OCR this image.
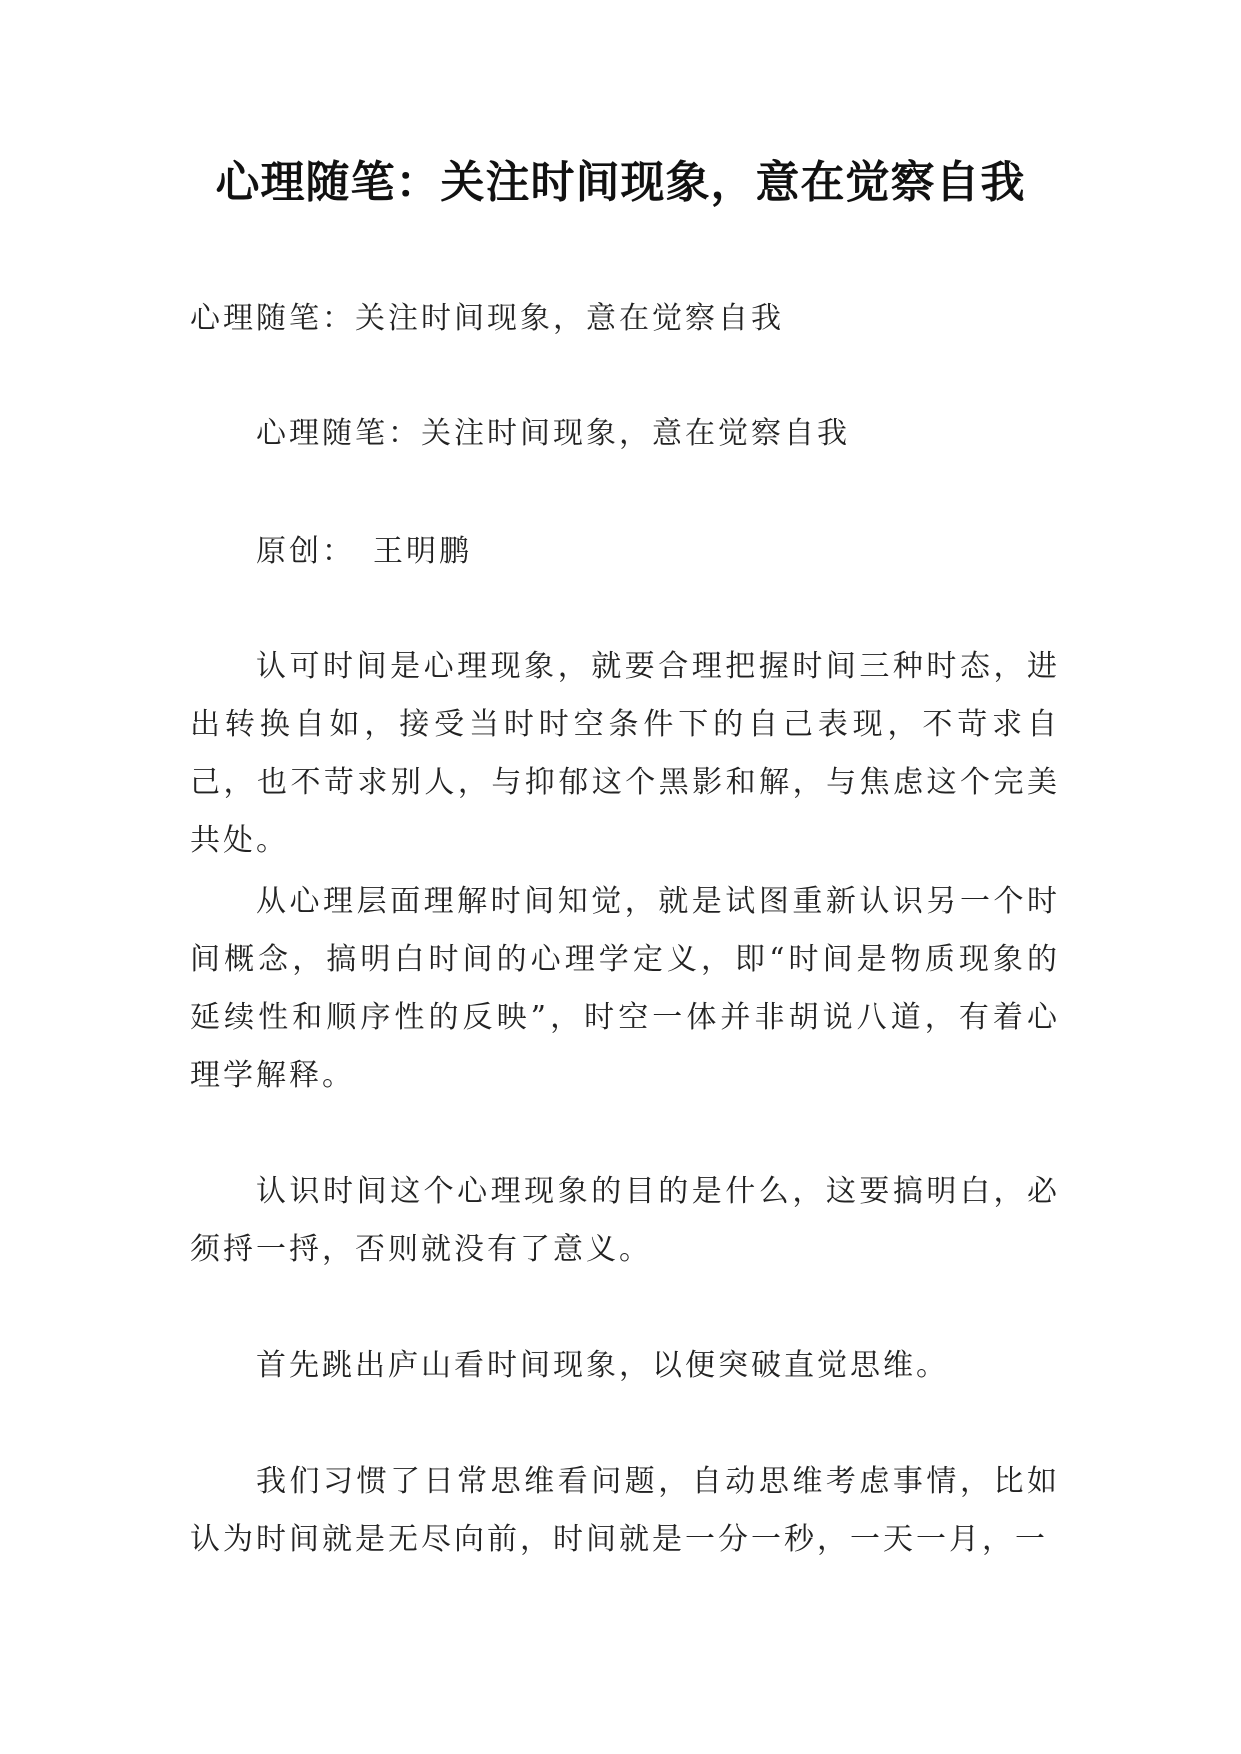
心理随笔：关注时间现象，意在觉察自我
心理随笔：关注时间现象，意在觉察自我
心理随笔：关注时间现象，意在觉察自我
原创：　王明鹏
认可时间是心理现象，就要合理把握时间三种时态，进出转换自如，接受当时时空条件下的自己表现，不苛求自己，也不苛求别人，与抑郁这个黑影和解，与焦虑这个完美共处。
从心理层面理解时间知觉，就是试图重新认识另一个时间概念，搞明白时间的心理学定义，即“时间是物质现象的延续性和顺序性的反映”，时空一体并非胡说八道，有着心理学解释。
认识时间这个心理现象的目的是什么，这要搞明白，必须捋一捋，否则就没有了意义。
首先跳出庐山看时间现象，以便突破直觉思维。
我们习惯了日常思维看问题，自动思维考虑事情，比如认为时间就是无尽向前，时间就是一分一秒，一天一月，一
